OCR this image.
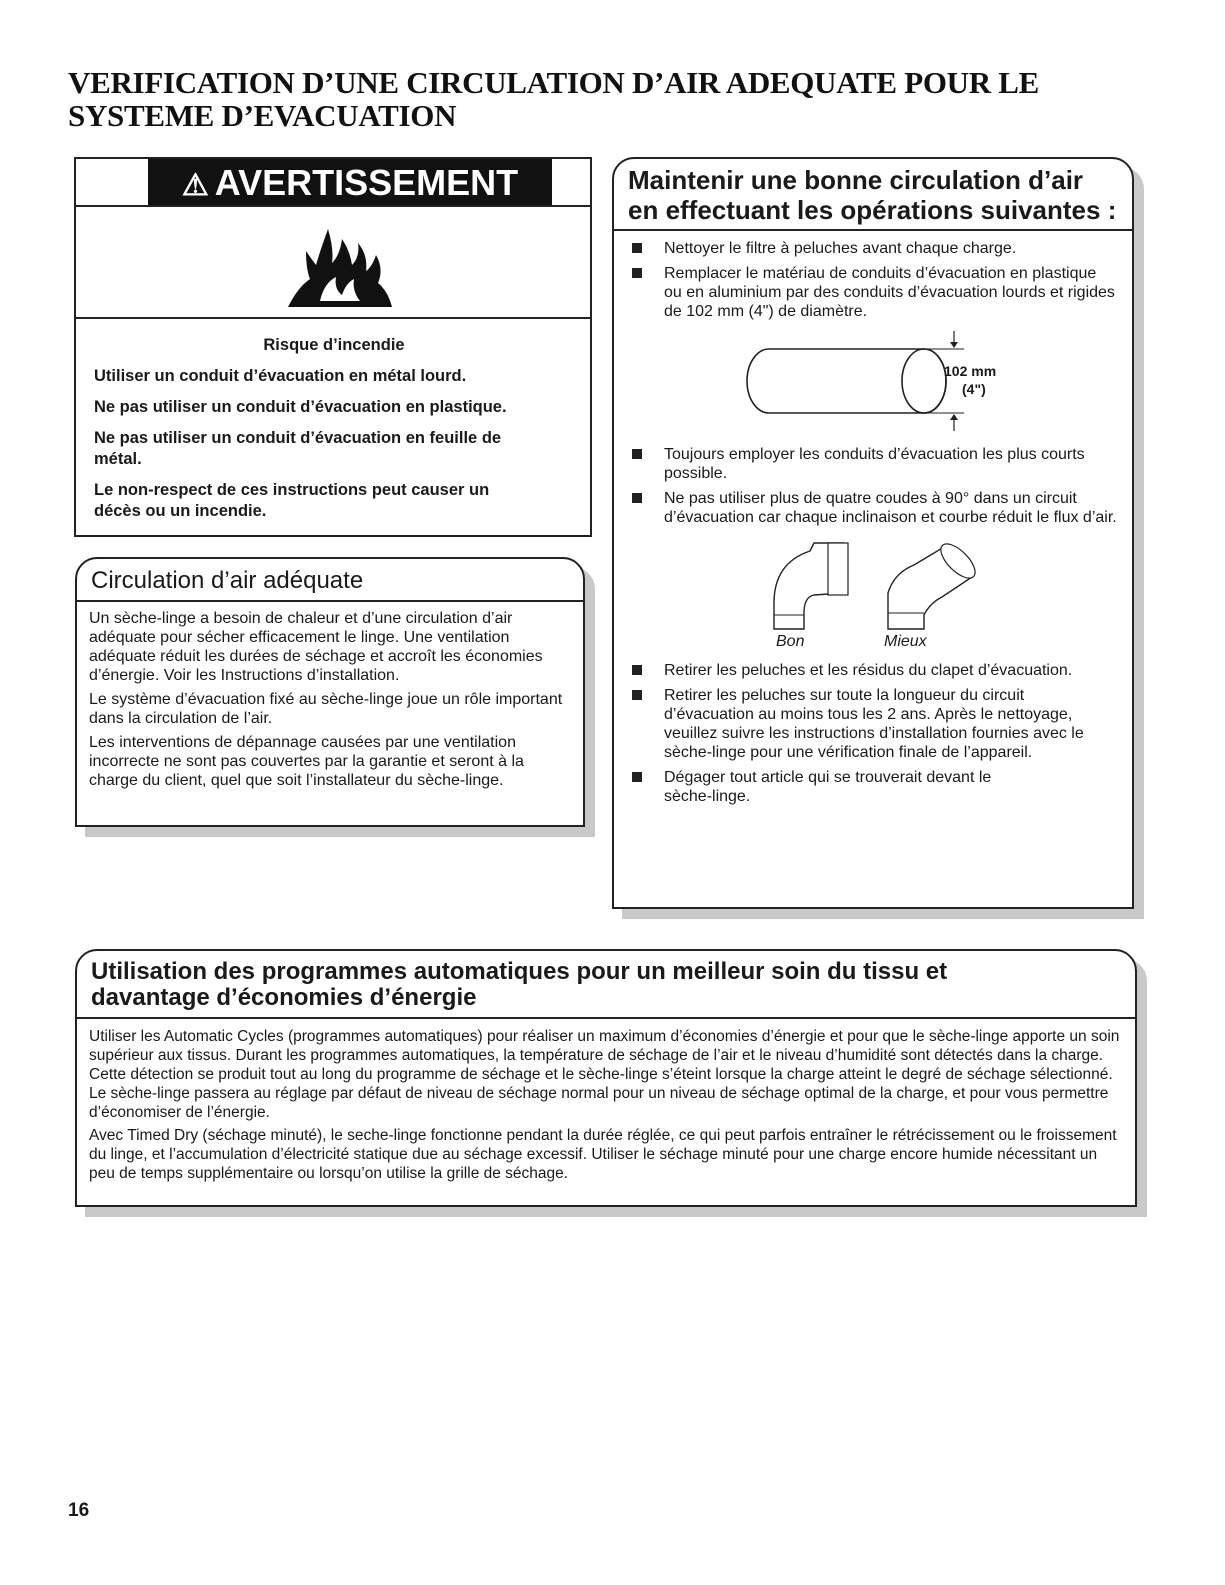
VERIFICATION D’UNE CIRCULATION D’AIR ADEQUATE POUR LE SYSTEME D’EVACUATION
⚠ AVERTISSEMENT

Risque d’incendie

Utiliser un conduit d’évacuation en métal lourd.

Ne pas utiliser un conduit d’évacuation en plastique.

Ne pas utiliser un conduit d’évacuation en feuille de métal.

Le non-respect de ces instructions peut causer un décès ou un incendie.

Circulation d’air adéquate

Un sèche-linge a besoin de chaleur et d’une circulation d’air adéquate pour sécher efficacement le linge. Une ventilation adéquate réduit les durées de séchage et accroît les économies d’énergie. Voir les Instructions d’installation.

Le système d’évacuation fixé au sèche-linge joue un rôle important dans la circulation de l’air.

Les interventions de dépannage causées par une ventilation incorrecte ne sont pas couvertes par la garantie et seront à la charge du client, quel que soit l’installateur du sèche-linge.

Maintenir une bonne circulation d’air en effectuant les opérations suivantes :
Nettoyer le filtre à peluches avant chaque charge.
Remplacer le matériau de conduits d’évacuation en plastique ou en aluminium par des conduits d’évacuation lourds et rigides de 102 mm (4") de diamètre.
102 mm
(4")
Toujours employer les conduits d’évacuation les plus courts possible.
Ne pas utiliser plus de quatre coudes à 90° dans un circuit d’évacuation car chaque inclinaison et courbe réduit le flux d’air.
Bon	Mieux
Retirer les peluches et les résidus du clapet d’évacuation.
Retirer les peluches sur toute la longueur du circuit d’évacuation au moins tous les 2 ans. Après le nettoyage, veuillez suivre les instructions d’installation fournies avec le sèche-linge pour une vérification finale de l’appareil.
Dégager tout article qui se trouverait devant le sèche-linge.
Utilisation des programmes automatiques pour un meilleur soin du tissu et davantage d’économies d’énergie

Utiliser les Automatic Cycles (programmes automatiques) pour réaliser un maximum d’économies d’énergie et pour que le sèche-linge apporte un soin supérieur aux tissus. Durant les programmes automatiques, la température de séchage de l’air et le niveau d’humidité sont détectés dans la charge. Cette détection se produit tout au long du programme de séchage et le sèche-linge s’éteint lorsque la charge atteint le degré de séchage sélectionné. Le sèche-linge passera au réglage par défaut de niveau de séchage normal pour un niveau de séchage optimal de la charge, et pour vous permettre d’économiser de l’énergie.

Avec Timed Dry (séchage minuté), le seche-linge fonctionne pendant la durée réglée, ce qui peut parfois entraîner le rétrécissement ou le froissement du linge, et l’accumulation d’électricité statique due au séchage excessif. Utiliser le séchage minuté pour une charge encore humide nécessitant un peu de temps supplémentaire ou lorsqu’on utilise la grille de séchage.

16
